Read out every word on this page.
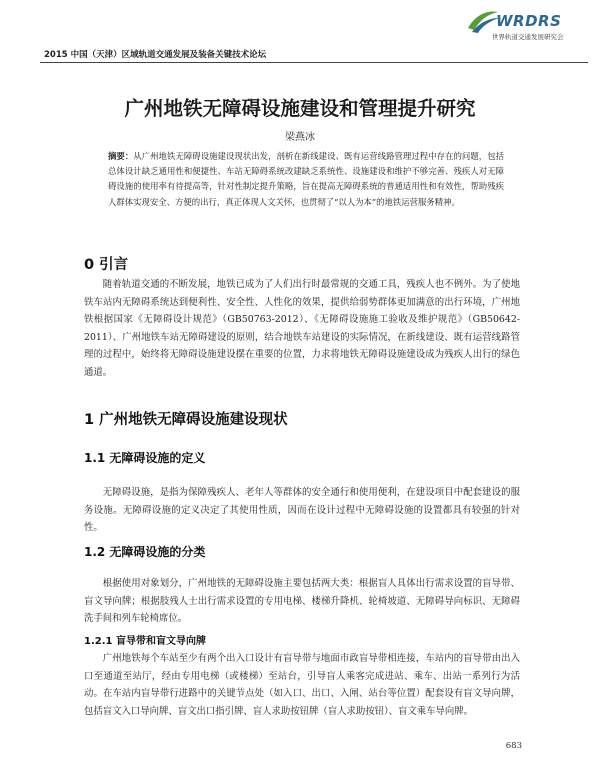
WRDRS
世界轨道交通发展研究会
2015 中国（天津）区域轨道交通发展及装备关键技术论坛
广州地铁无障碍设施建设和管理提升研究
梁燕冰
摘要：从广州地铁无障碍设施建设现状出发，剖析在新线建设、既有运营线路管理过程中存在的问题，包括总体设计缺乏通用性和便捷性、车站无障碍系统改建缺乏系统性、设施建设和维护不够完善、残疾人对无障碍设施的使用率有待提高等，针对性制定提升策略，旨在提高无障碍系统的普通适用性和有效性，帮助残疾人群体实现安全、方便的出行，真正体现人文关怀，也贯彻了“以人为本”的地铁运营服务精神。
0 引言
随着轨道交通的不断发展，地铁已成为了人们出行时最常规的交通工具，残疾人也不例外。为了使地铁车站内无障碍系统达到便利性、安全性、人性化的效果，提供给弱势群体更加满意的出行环境，广州地铁根据国家《无障碍设计规范》（GB50763-2012）、《无障碍设施施工验收及维护规范》（GB50642-2011）、广州地铁车站无障碍建设的原则，结合地铁车站建设的实际情况，在新线建设、既有运营线路管理的过程中，始终将无障碍设施建设摆在重要的位置，力求将地铁无障碍设施建设成为残疾人出行的绿色通道。
1 广州地铁无障碍设施建设现状
1.1 无障碍设施的定义
无障碍设施，是指为保障残疾人、老年人等群体的安全通行和使用便利，在建设项目中配套建设的服务设施。无障碍设施的定义决定了其使用性质，因而在设计过程中无障碍设施的设置都具有较强的针对性。
1.2 无障碍设施的分类
根据使用对象划分，广州地铁的无障碍设施主要包括两大类：根据盲人具体出行需求设置的盲导带、盲文导向牌；根据肢残人士出行需求设置的专用电梯、楼梯升降机、轮椅坡道、无障碍导向标识、无障碍洗手间和列车轮椅席位。
1.2.1 盲导带和盲文导向牌
广州地铁每个车站至少有两个出入口设计有盲导带与地面市政盲导带相连接，车站内的盲导带由出入口至通道至站厅，经由专用电梯（或楼梯）至站台，引导盲人乘客完成进站、乘车、出站一系列行为活动。在车站内盲导带行进路中的关键节点处（如入口、出口、入闸、站台等位置）配套设有盲文导向牌，包括盲文入口导向牌、盲文出口指引牌、盲人求助按钮牌（盲人求助按钮）、盲文乘车导向牌。
683
